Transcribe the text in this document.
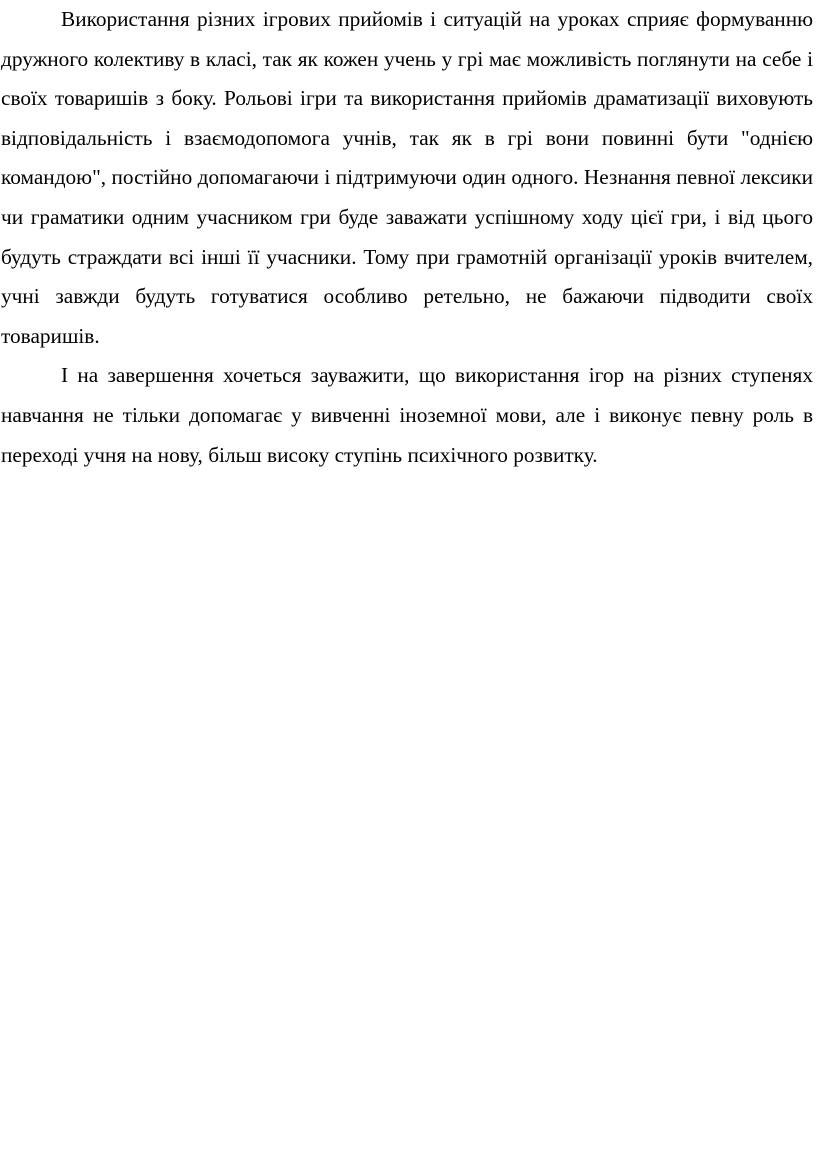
Використання різних ігрових прийомів і ситуацій на уроках сприяє формуванню дружного колективу в класі, так як кожен учень у грі має можливість поглянути на себе і своїх товаришів з боку. Рольові ігри та використання прийомів драматизації виховують відповідальність і взаємодопомога учнів, так як в грі вони повинні бути "однією командою", постійно допомагаючи і підтримуючи один одного. Незнання певної лексики чи граматики одним учасником гри буде заважати успішному ходу цієї гри, і від цього будуть страждати всі інші її учасники. Тому при грамотній організації уроків вчителем, учні завжди будуть готуватися особливо ретельно, не бажаючи підводити своїх товаришів.

І на завершення хочеться зауважити, що використання ігор на різних ступенях навчання не тільки допомагає у вивченні іноземної мови, але і виконує певну роль в переході учня на нову, більш високу ступінь психічного розвитку.
